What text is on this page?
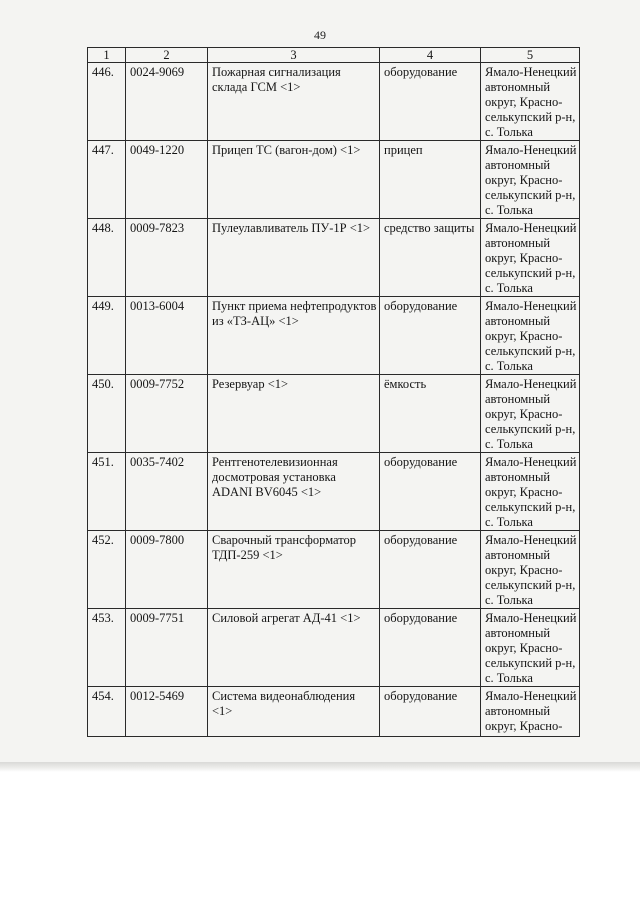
49
1	2	3	4	5
446.	0024-9069	Пожарная сигнализация склада ГСМ <1>	оборудование	Ямало-Ненецкий автономный округ, Красно-селькупский р-н, с. Толька
447.	0049-1220	Прицеп ТС (вагон-дом) <1>	прицеп	Ямало-Ненецкий автономный округ, Красно-селькупский р-н, с. Толька
448.	0009-7823	Пулеулавливатель ПУ-1Р <1>	средство защиты	Ямало-Ненецкий автономный округ, Красно-селькупский р-н, с. Толька
449.	0013-6004	Пункт приема нефтепродуктов из «ТЗ-АЦ» <1>	оборудование	Ямало-Ненецкий автономный округ, Красно-селькупский р-н, с. Толька
450.	0009-7752	Резервуар <1>	ёмкость	Ямало-Ненецкий автономный округ, Красно-селькупский р-н, с. Толька
451.	0035-7402	Рентгенотелевизионная досмотровая установка ADANI BV6045 <1>	оборудование	Ямало-Ненецкий автономный округ, Красно-селькупский р-н, с. Толька
452.	0009-7800	Сварочный трансформатор ТДП-259 <1>	оборудование	Ямало-Ненецкий автономный округ, Красно-селькупский р-н, с. Толька
453.	0009-7751	Силовой агрегат АД-41 <1>	оборудование	Ямало-Ненецкий автономный округ, Красно-селькупский р-н, с. Толька
454.	0012-5469	Система видеонаблюдения <1>	оборудование	Ямало-Ненецкий автономный округ, Красно-
